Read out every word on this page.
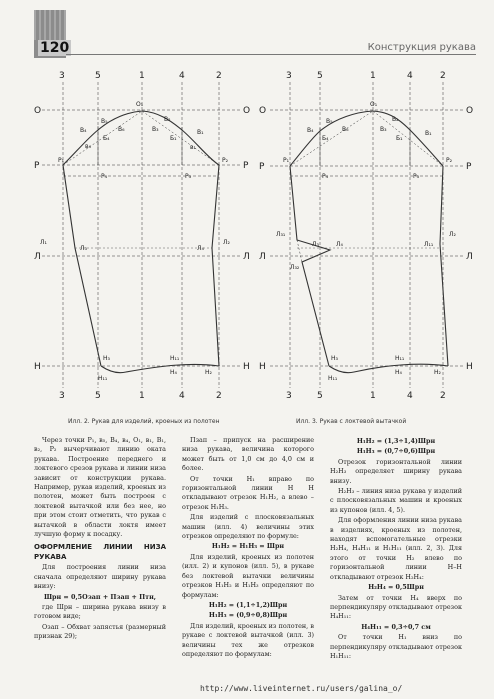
120	Конструкция рукава
3	5	1	4	2
3	5	1	4	2
О
Р
Л
Н
О
Р
Л
Н
О₁
В₄	В₁
В₅	В₂
В₆	В₃
Б₄	Б₁
в₄	в₁
Р₁	Р₂
Р₄	Р₃
Л₁
Л₃	Л₄
Л₂
Н₃
Н₁₁
Н₁₁
Н₄	Н₂
3	5	1	4	2
3	5	1	4	2
О
Р
Л
Н
О
Р
Л
Н
О₁
В₄	В₁
В₅	В₂
В₆	В₃
Б₄	Б₁
Р₁	Р₂
Р₄	Р₃
Л₃₁
Л₃	Л₄
Л₃₂
Л₁₁
Л₂
Н₃
Н₁₁
Н₁₁
Н₄	Н₂
Илл. 2. Рукав для изделий, кроеных из полотен	Илл. 3. Рукав с локтевой вытачкой

Через точки Р₁, в₅, В₄, в₄, О₁, в₁, В₁, в₂, Р₂ вычерчивают линию оката рукава. Построение переднего и локтевого срезов рукава и линии низа зависит от конструкции рукава. Например, рукав изделий, кроеных из полотен, может быть построен с локтевой вытачкой или без нее, но при этом стоит отметить, что рукав с вытачкой в области локтя имеет лучшую форму к посадку.

ОФОРМЛЕНИЕ ЛИНИИ НИЗА РУКАВА

Для построения линии низа сначала определяют ширину рукава внизу:

Шрн = 0,5Озап + Пзап + Птн,

где Шрн – ширина рукава внизу в готовом виде;

Озап – Обхват запястья (размерный признак 29);

Пзап – припуск на расширение низа рукава, величина которого может быть от 1,0 см до 4,0 см и более.

От точки Н₁ вправо по горизонтальной линии Н Н откладывают отрезок Н₁Н₂, а влево – отрезок Н₁Н₃.

Для изделий с плосковязальных машин (илл. 4) величины этих отрезков определяют по формуле:

Н₁Н₂ = Н₁Н₃ = Шрн

Для изделий, кроеных из полотен (илл. 2) и купонов (илл. 5), в рукаве без локтевой вытачки величины отрезков Н₁Н₂ и Н₁Н₃ определяют по формулам:

Н₁Н₂ = (1,1÷1,2)Шрн

Н₁Н₃ = (0,9÷0,8)Шрн

Для изделий, кроеных из полотен, в рукаве с локтевой вытачкой (илл. 3) величины тех же отрезков определяют по формулам:

Н₁Н₂ = (1,3÷1,4)Шрн

Н₁Н₃ = (0,7÷0,6)Шрн

Отрезок горизонтальной линии Н₂Н₃ определяет ширину рукава внизу.

Н₂Н₃ – линия низа рукава у изделий с плосковязальных машин и кроеных из купонов (илл. 4, 5).

Для оформления линии низа рукава в изделиях, кроеных из полотен, находят вспомогательные отрезки Н₂Н₄, Н₄Н₁₁ и Н₁Н₁₁ (илл. 2, 3). Для этого от точки Н₂ влево по горизонтальной линии Н–Н откладывают отрезок Н₂Н₄:

Н₂Н₄ = 0,5Шрн

Затем от точки Н₄ вверх по перпендикуляру откладывают отрезок Н₄Н₁₁:

Н₄Н₁₁ = 0,3÷0,7 см

От точки Н₁ вниз по перпендикуляру откладывают отрезок Н₁Н₁₁:

http://www.liveinternet.ru/users/galina_o/
